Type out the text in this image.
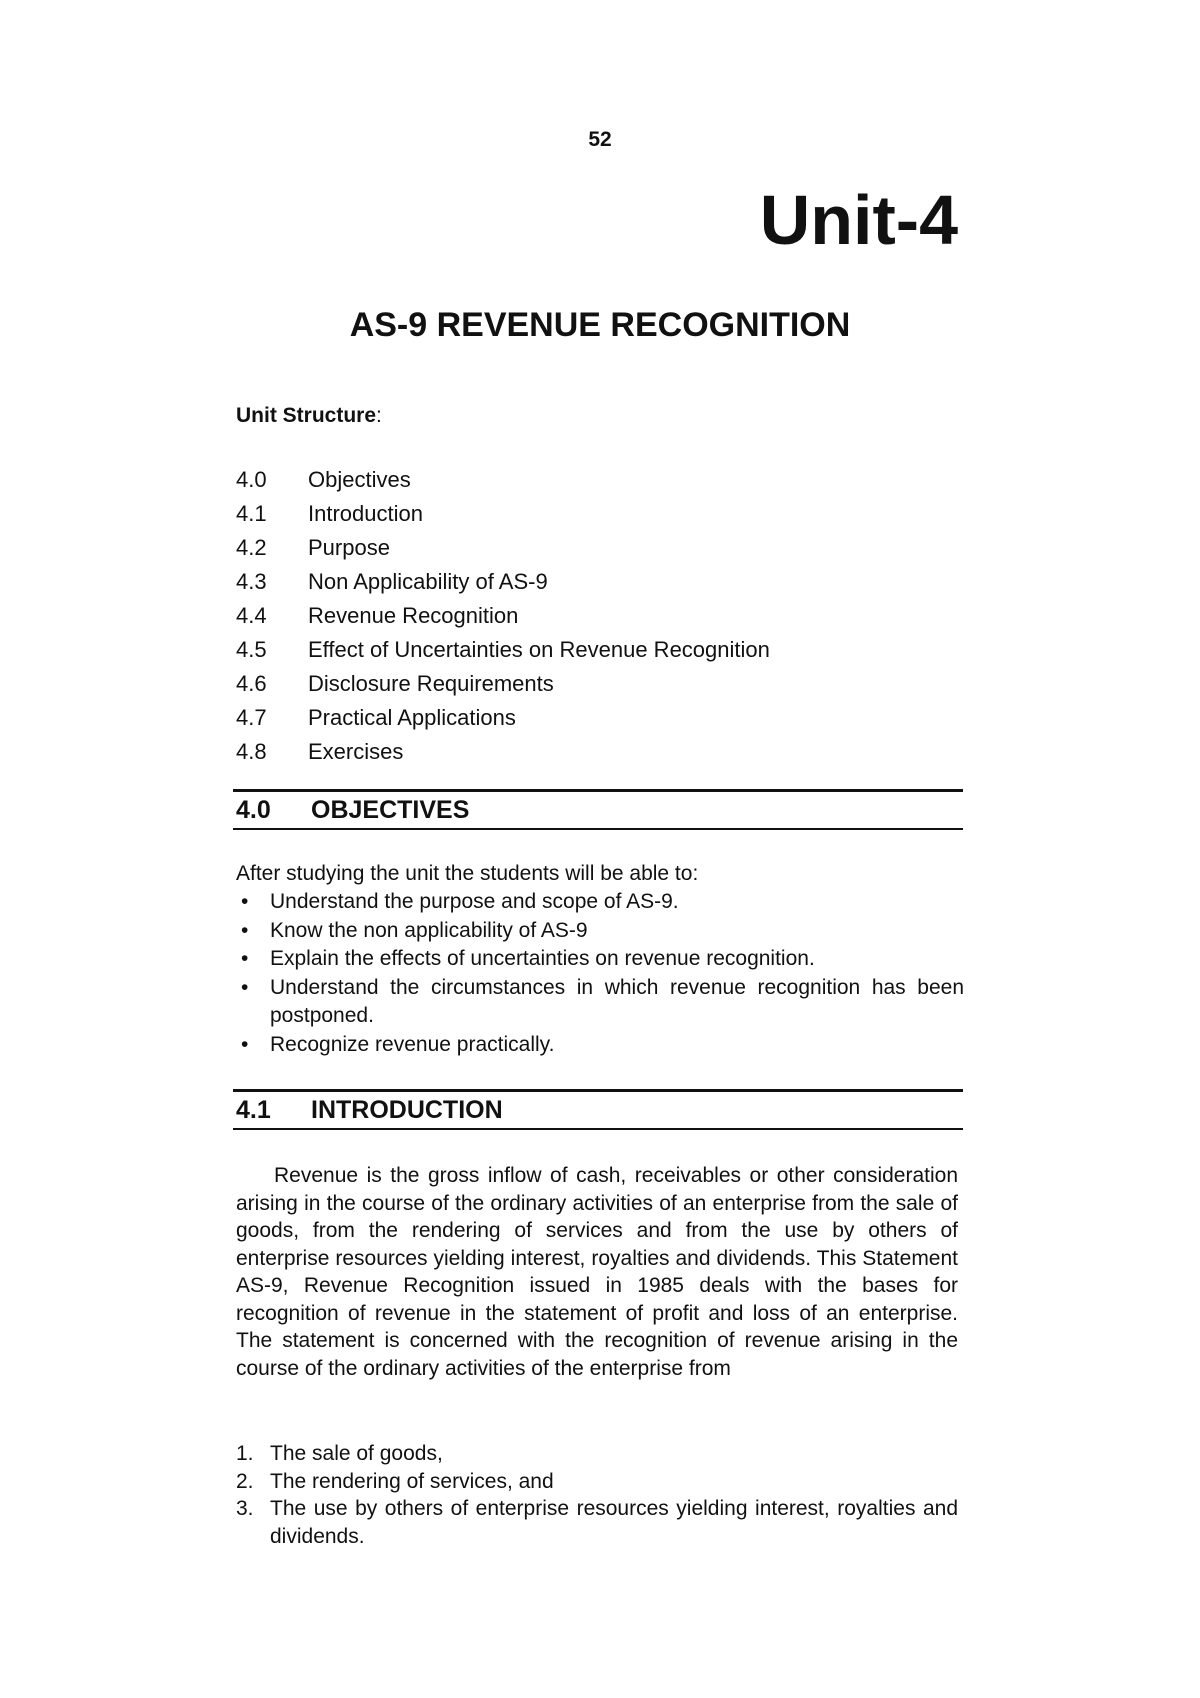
52
Unit-4
AS-9 REVENUE RECOGNITION
Unit Structure:
4.0	Objectives
4.1	Introduction
4.2	Purpose
4.3	Non Applicability of AS-9
4.4	Revenue Recognition
4.5	Effect of Uncertainties on Revenue Recognition
4.6	Disclosure Requirements
4.7	Practical Applications
4.8	Exercises
4.0	OBJECTIVES
After studying the unit the students will be able to:
• Understand the purpose and scope of AS-9.
• Know the non applicability of AS-9
• Explain the effects of uncertainties on revenue recognition.
• Understand the circumstances in which revenue recognition has been postponed.
• Recognize revenue practically.
4.1	INTRODUCTION
Revenue is the gross inflow of cash, receivables or other consideration arising in the course of the ordinary activities of an enterprise from the sale of goods, from the rendering of services and from the use by others of enterprise resources yielding interest, royalties and dividends. This Statement AS-9, Revenue Recognition issued in 1985 deals with the bases for recognition of revenue in the statement of profit and loss of an enterprise. The statement is concerned with the recognition of revenue arising in the course of the ordinary activities of the enterprise from
1. The sale of goods,
2. The rendering of services, and
3. The use by others of enterprise resources yielding interest, royalties and dividends.
